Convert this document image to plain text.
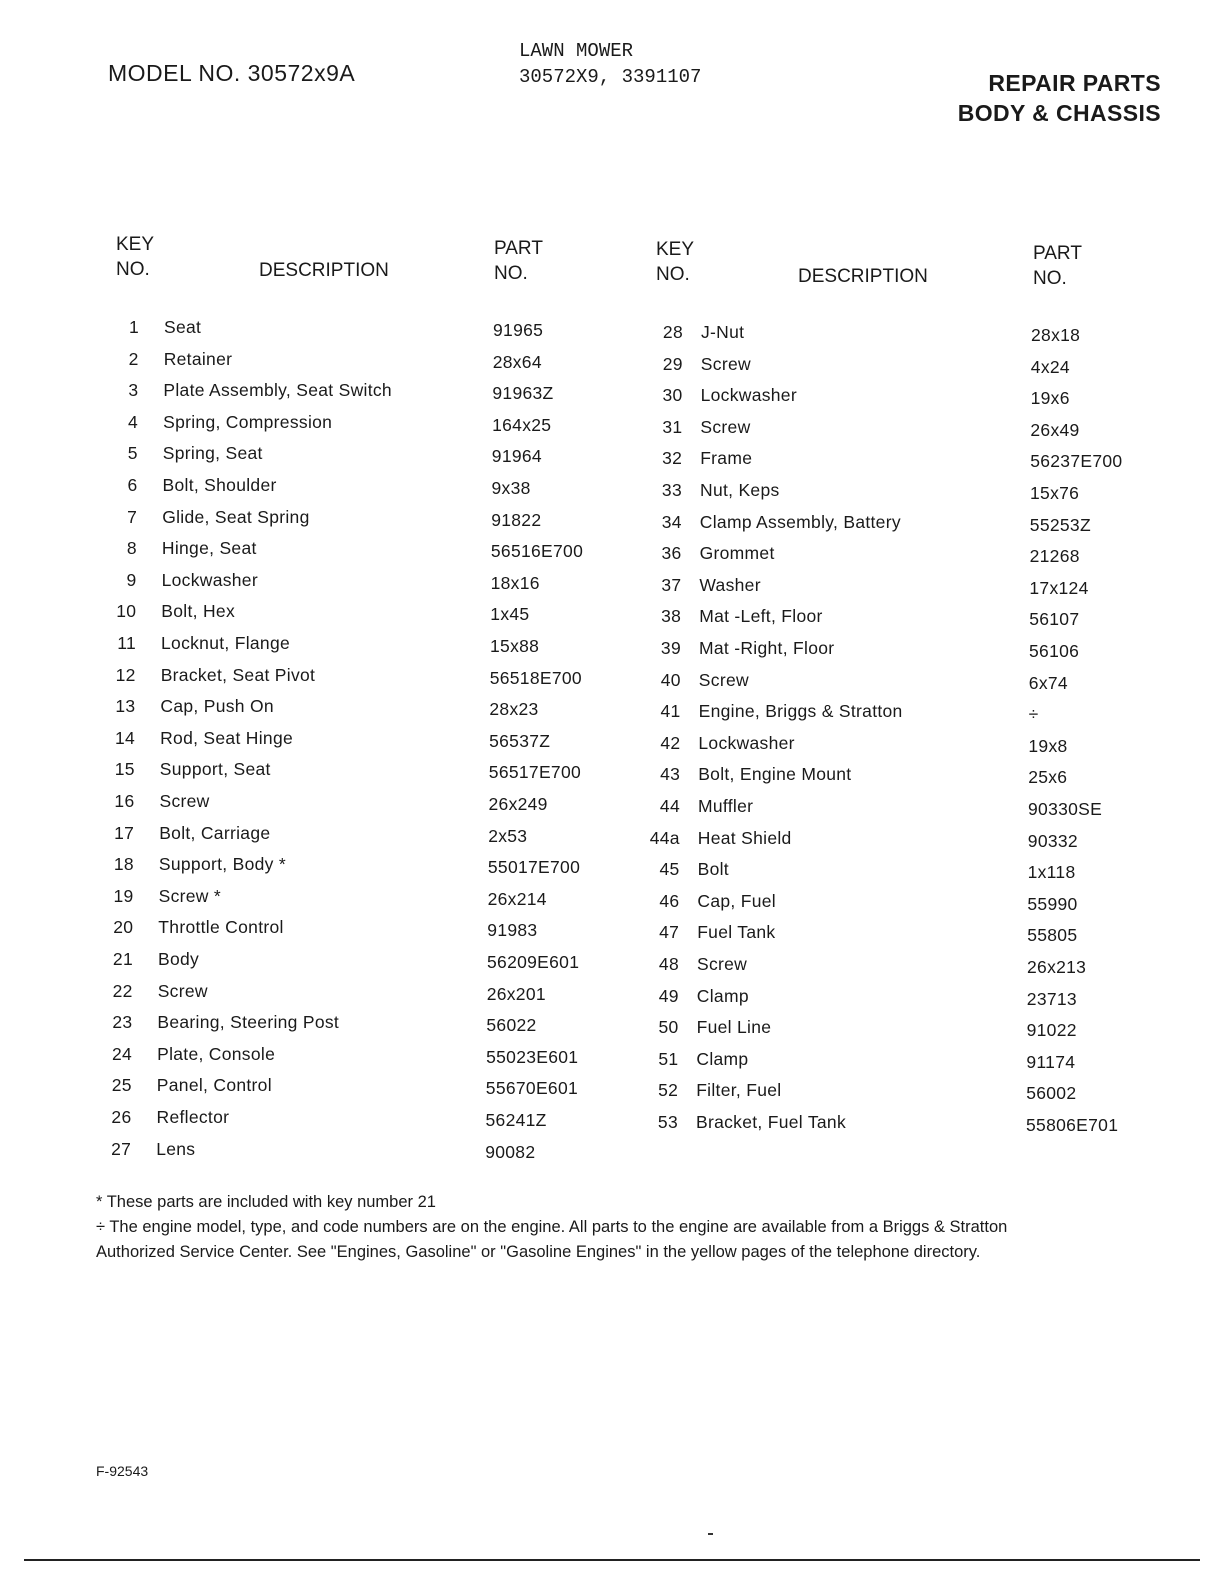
MODEL NO. 30572x9A
LAWN MOWER
30572X9, 3391107	REPAIR PARTS
BODY & CHASSIS
KEY
NO.	DESCRIPTION
PART
NO.
KEY
NO.	DESCRIPTION
PART
NO.
1 Seat	91965
2 Retainer	28x64
3 Plate Assembly, Seat Switch	91963Z
4 Spring, Compression	164x25
5 Spring, Seat	91964
6 Bolt, Shoulder	9x38
7 Glide, Seat Spring	91822
8 Hinge, Seat	56516E700
9 Lockwasher	18x16
10 Bolt, Hex	1x45
11 Locknut, Flange	15x88
12 Bracket, Seat Pivot	56518E700
13 Cap, Push On	28x23
14 Rod, Seat Hinge	56537Z
15 Support, Seat	56517E700
16 Screw	26x249
17 Bolt, Carriage	2x53
18 Support, Body *	55017E700
19 Screw *	26x214
20 Throttle Control	91983
21 Body	56209E601
22 Screw	26x201
23 Bearing, Steering Post	56022
24 Plate, Console	55023E601
25 Panel, Control	55670E601
26 Reflector	56241Z
27 Lens	90082
28 J-Nut	28x18
29 Screw	4x24
30 Lockwasher	19x6
31 Screw	26x49
32 Frame	56237E700
33 Nut, Keps	15x76
34 Clamp Assembly, Battery	55253Z
36 Grommet	21268
37 Washer	17x124
38 Mat -Left, Floor	56107
39 Mat -Right, Floor	56106
40 Screw	6x74
41 Engine, Briggs & Stratton	÷
42 Lockwasher	19x8
43 Bolt, Engine Mount	25x6
44 Muffler	90330SE
44a Heat Shield	90332
45 Bolt	1x118
46 Cap, Fuel	55990
47 Fuel Tank	55805
48 Screw	26x213
49 Clamp	23713
50 Fuel Line	91022
51 Clamp	91174
52 Filter, Fuel	56002
53 Bracket, Fuel Tank	55806E701
* These parts are included with key number 21
÷ The engine model, type, and code numbers are on the engine. All parts to the engine are available from a Briggs & Stratton
Authorized Service Center. See "Engines, Gasoline" or "Gasoline Engines" in the yellow pages of the telephone directory.
F-92543
